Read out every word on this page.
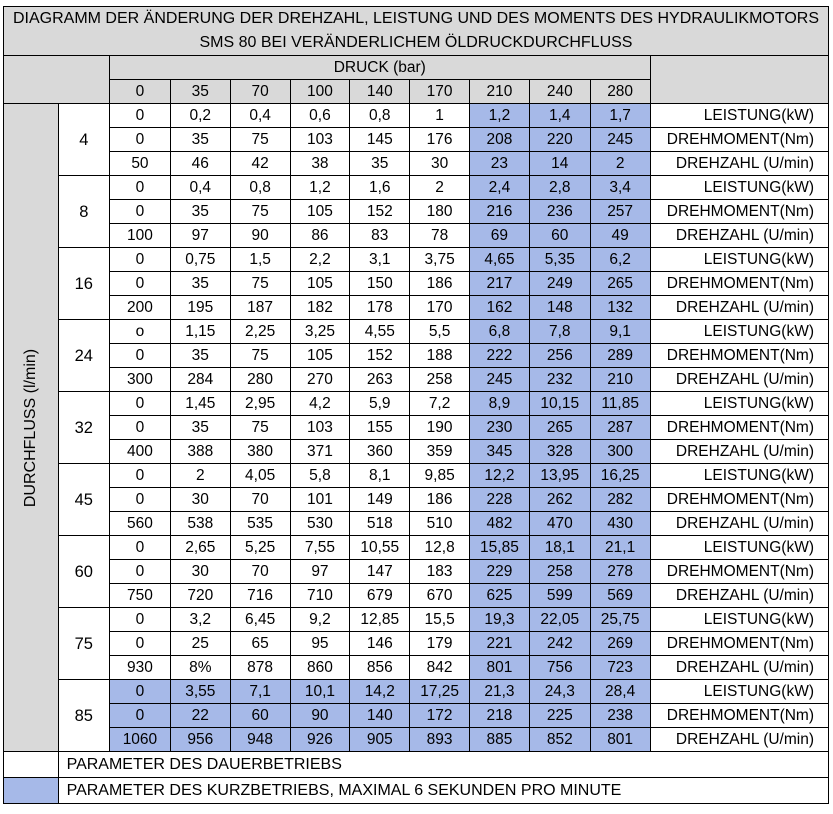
DIAGRAMM DER ÄNDERUNG DER DREHZAHL, LEISTUNG UND DES MOMENTS DES HYDRAULIKMOTORS SMS 80 BEI VERÄNDERLICHEM ÖLDRUCKDURCHFLUSS											
		DRUCK (bar)									
		0	35	70	100	140	170	210	240	280	

DURCHFLUSS (l/min)	4	0	0,2	0,4	0,6	0,8	1	1,2	1,4	1,7	LEISTUNG(kW)
		0	35	75	103	145	176	208	220	245	DREHMOMENT(Nm)
		50	46	42	38	35	30	23	14	2	DREHZAHL (U/min)
	8	0	0,4	0,8	1,2	1,6	2	2,4	2,8	3,4	LEISTUNG(kW)
		0	35	75	105	152	180	216	236	257	DREHMOMENT(Nm)
		100	97	90	86	83	78	69	60	49	DREHZAHL (U/min)
	16	0	0,75	1,5	2,2	3,1	3,75	4,65	5,35	6,2	LEISTUNG(kW)
		0	35	75	105	150	186	217	249	265	DREHMOMENT(Nm)
		200	195	187	182	178	170	162	148	132	DREHZAHL (U/min)
	24	o	1,15	2,25	3,25	4,55	5,5	6,8	7,8	9,1	LEISTUNG(kW)
		0	35	75	105	152	188	222	256	289	DREHMOMENT(Nm)
		300	284	280	270	263	258	245	232	210	DREHZAHL (U/min)
	32	0	1,45	2,95	4,2	5,9	7,2	8,9	10,15	11,85	LEISTUNG(kW)
		0	35	75	103	155	190	230	265	287	DREHMOMENT(Nm)
		400	388	380	371	360	359	345	328	300	DREHZAHL (U/min)
	45	0	2	4,05	5,8	8,1	9,85	12,2	13,95	16,25	LEISTUNG(kW)
		0	30	70	101	149	186	228	262	282	DREHMOMENT(Nm)
		560	538	535	530	518	510	482	470	430	DREHZAHL (U/min)
	60	0	2,65	5,25	7,55	10,55	12,8	15,85	18,1	21,1	LEISTUNG(kW)
		0	30	70	97	147	183	229	258	278	DREHMOMENT(Nm)
		750	720	716	710	679	670	625	599	569	DREHZAHL (U/min)
	75	0	3,2	6,45	9,2	12,85	15,5	19,3	22,05	25,75	LEISTUNG(kW)
		0	25	65	95	146	179	221	242	269	DREHMOMENT(Nm)
		930	8%	878	860	856	842	801	756	723	DREHZAHL (U/min)
	85	0	3,55	7,1	10,1	14,2	17,25	21,3	24,3	28,4	LEISTUNG(kW)
		0	22	60	90	140	172	218	225	238	DREHMOMENT(Nm)
		1060	956	948	926	905	893	885	852	801	DREHZAHL (U/min)
	PARAMETER DES DAUERBETRIEBS										
	PARAMETER DES KURZBETRIEBS, MAXIMAL 6 SEKUNDEN PRO MINUTE										
